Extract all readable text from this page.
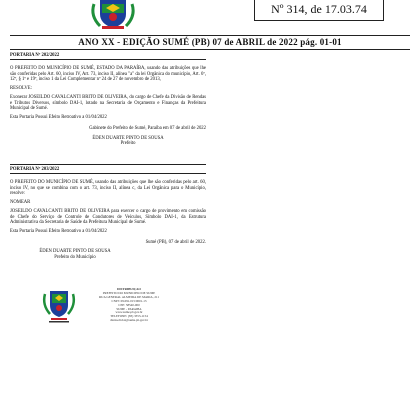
Nº 314, de 17.03.74
ANO XX - EDIÇÃO SUMÉ (PB) 07 de ABRIL de 2022 pág. 01-01
PORTARIA Nº 202/2022

O PREFEITO DO MUNICÍPIO DE SUMÉ, ESTADO DA PARAÍBA, usando das atribuições que lhe são conferidas pelo Art. 60, inciso IV, Art. 73, inciso II, alínea "a" da lei Orgânica do município, Art. 6º, 12º, § 1º e 19º, inciso 1 da Lei Complementar nº 24 de 27 de novembro de 2013,

RESOLVE:

Exonerar JOSEILDO CAVALCANTI BRITO DE OLIVEIRA, do cargo de Chefe da Divisão de Rendas e Tributos Diversos, símbolo DAI-1, lotado na Secretaria de Orçamento e Finanças da Prefeitura Municipal de Sumé.

Esta Portaria Possui Efeito Retroativo a 01/04/2022

Gabinete do Prefeito de Sumé, Paraíba em 07 de abril de 2022

ÉDEN DUARTE PINTO DE SOUSA
Prefeito
PORTARIA Nº 203/2022

O PREFEITO DO MUNICÍPIO DE SUMÉ, usando das atribuições que lhe são conferidas pelo art. 60, inciso IV, no que se combina com o art. 73, inciso II, alínea c, da Lei Orgânica para o Município, resolve:

NOMEAR

JOSEILDO CAVALCANTI BRITO DE OLIVEIRA para exercer o cargo de provimento em comissão de Chefe do Serviço de Controle de Condutores de Veículos, Símbolo DAI-1, da Estrutura Administrativa da Secretaria de Saúde da Prefeitura Municipal de Sumé.

Esta Portaria Possui Efeito Retroativo a 01/04/2022

Sumé (PB), 07 de abril de 2022.

ÉDEN DUARTE PINTO DE SOUSA
Prefeito do Município
DISTRIBUIÇÃO
PREFEITO DO MUNICÍPIO DE SUMÉ
RUA GENERAL ALMEIDA DE MARIA, 211
CNPJ: 09.091.015/0001-13
CEP: 58540-000
SUMÉ - PARAÍBA
www.sume.pb.gov.br
TELEFONE: (83) 3353-1154
diariooficial@sume.pb.gov.br
